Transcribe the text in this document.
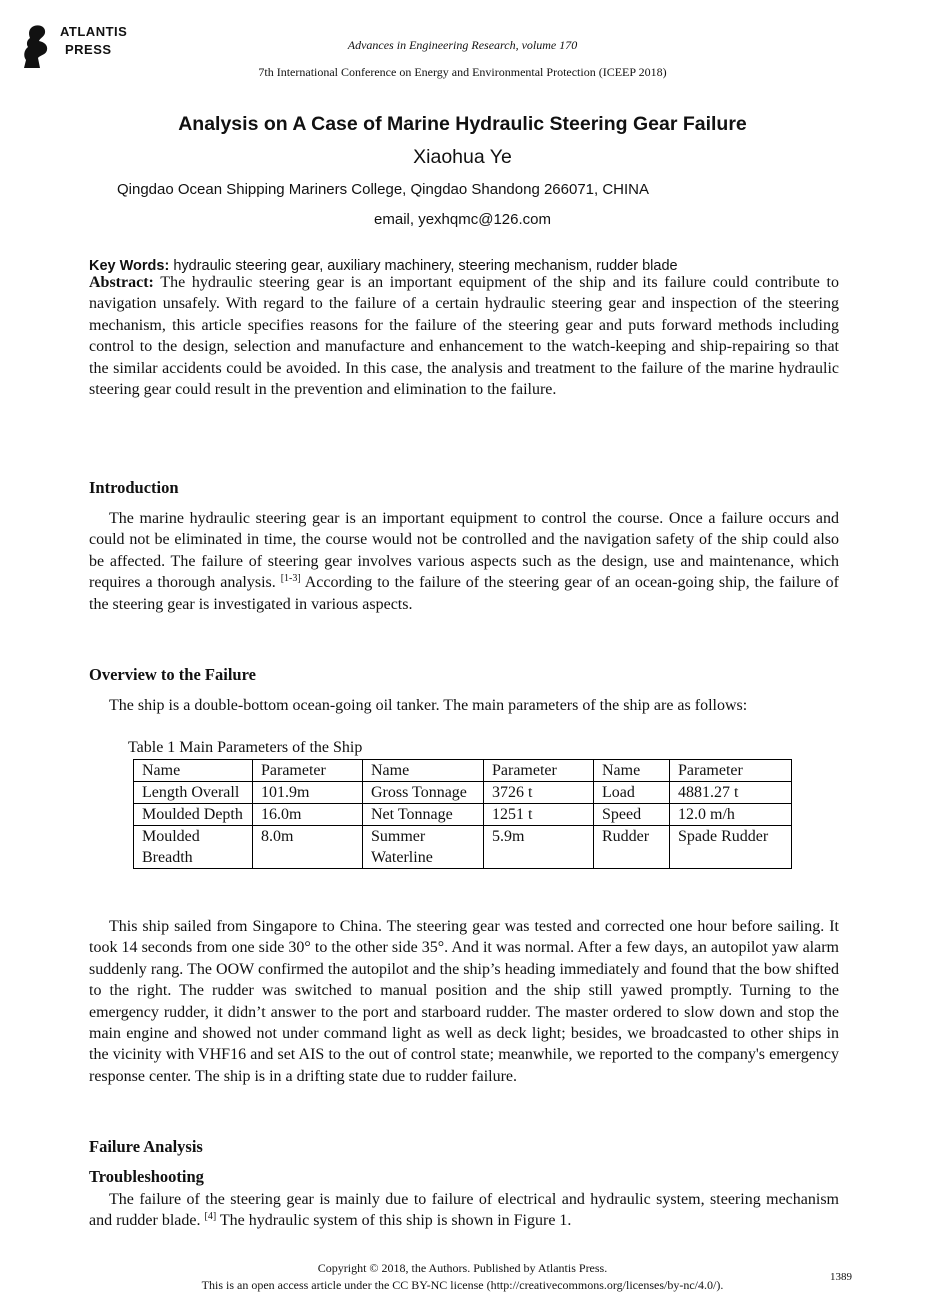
ATLANTIS
PRESS	Advances in Engineering Research, volume 170
7th International Conference on Energy and Environmental Protection (ICEEP 2018)
Analysis on A Case of Marine Hydraulic Steering Gear Failure
Xiaohua Ye
Qingdao Ocean Shipping Mariners College, Qingdao Shandong 266071, CHINA
email, yexhqmc@126.com
Key Words: hydraulic steering gear, auxiliary machinery, steering mechanism, rudder blade
Abstract: The hydraulic steering gear is an important equipment of the ship and its failure could contribute to navigation unsafely. With regard to the failure of a certain hydraulic steering gear and inspection of the steering mechanism, this article specifies reasons for the failure of the steering gear and puts forward methods including control to the design, selection and manufacture and enhancement to the watch-keeping and ship-repairing so that the similar accidents could be avoided. In this case, the analysis and treatment to the failure of the marine hydraulic steering gear could result in the prevention and elimination to the failure.
Introduction
The marine hydraulic steering gear is an important equipment to control the course. Once a failure occurs and could not be eliminated in time, the course would not be controlled and the navigation safety of the ship could also be affected. The failure of steering gear involves various aspects such as the design, use and maintenance, which requires a thorough analysis. [1-3] According to the failure of the steering gear of an ocean-going ship, the failure of the steering gear is investigated in various aspects.
Overview to the Failure
The ship is a double-bottom ocean-going oil tanker. The main parameters of the ship are as follows:
Table 1 Main Parameters of the Ship
Name	Parameter	Name	Parameter	Name	Parameter
Length Overall	101.9m	Gross Tonnage	3726 t	Load	4881.27 t
Moulded Depth	16.0m	Net Tonnage	1251 t	Speed	12.0 m/h
Moulded Breadth	8.0m	Summer Waterline	5.9m	Rudder	Spade Rudder
This ship sailed from Singapore to China. The steering gear was tested and corrected one hour before sailing. It took 14 seconds from one side 30° to the other side 35°. And it was normal. After a few days, an autopilot yaw alarm suddenly rang. The OOW confirmed the autopilot and the ship’s heading immediately and found that the bow shifted to the right. The rudder was switched to manual position and the ship still yawed promptly. Turning to the emergency rudder, it didn’t answer to the port and starboard rudder. The master ordered to slow down and stop the main engine and showed not under command light as well as deck light; besides, we broadcasted to other ships in the vicinity with VHF16 and set AIS to the out of control state; meanwhile, we reported to the company's emergency response center. The ship is in a drifting state due to rudder failure.
Failure Analysis
Troubleshooting
The failure of the steering gear is mainly due to failure of electrical and hydraulic system, steering mechanism and rudder blade. [4] The hydraulic system of this ship is shown in Figure 1.
Copyright © 2018, the Authors. Published by Atlantis Press.
This is an open access article under the CC BY-NC license (http://creativecommons.org/licenses/by-nc/4.0/).
1389
